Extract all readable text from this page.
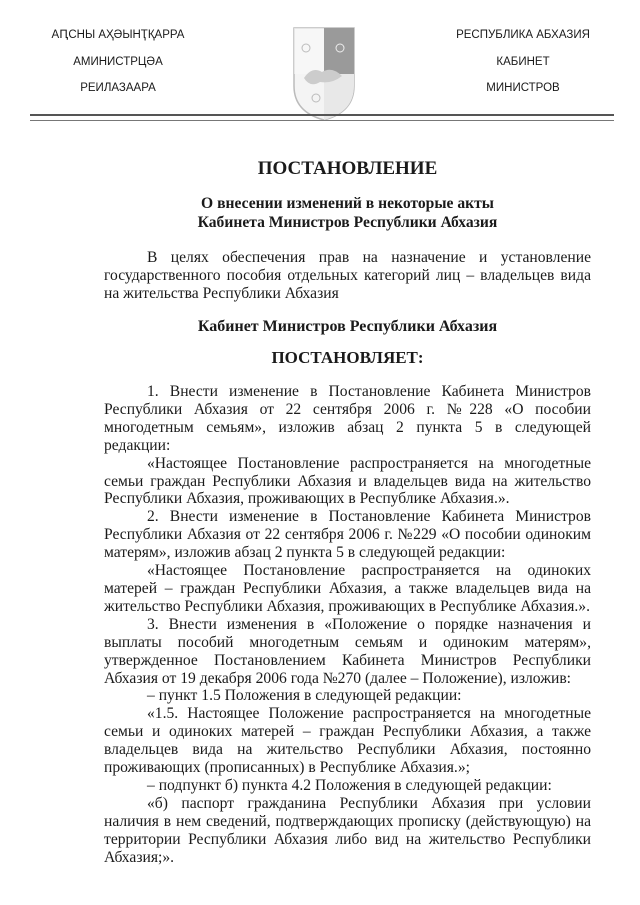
АԤСНЫ АҲӘЫНҬҚАРРА
АМИНИСТРЦӘА
РЕИЛАЗААРА
РЕСПУБЛИКА АБХАЗИЯ
КАБИНЕТ
МИНИСТРОВ
ПОСТАНОВЛЕНИЕ
О внесении изменений в некоторые акты
Кабинета Министров Республики Абхазия

В целях обеспечения прав на назначение и установление государственного пособия отдельных категорий лиц – владельцев вида на жительства Республики Абхазия

Кабинет Министров Республики Абхазия
ПОСТАНОВЛЯЕТ:

1. Внести изменение в Постановление Кабинета Министров Республики Абхазия от 22 сентября 2006 г. №228 «О пособии многодетным семьям», изложив абзац 2 пункта 5 в следующей редакции:

«Настоящее Постановление распространяется на многодетные семьи граждан Республики Абхазия и владельцев вида на жительство Республики Абхазия, проживающих в Республике Абхазия.».

2. Внести изменение в Постановление Кабинета Министров Республики Абхазия от 22 сентября 2006 г. №229 «О пособии одиноким матерям», изложив абзац 2 пункта 5 в следующей редакции:

«Настоящее Постановление распространяется на одиноких матерей – граждан Республики Абхазия, а также владельцев вида на жительство Республики Абхазия, проживающих в Республике Абхазия.».

3. Внести изменения в «Положение о порядке назначения и выплаты пособий многодетным семьям и одиноким матерям», утвержденное Постановлением Кабинета Министров Республики Абхазия от 19 декабря 2006 года №270 (далее – Положение), изложив:

– пункт 1.5 Положения в следующей редакции:

«1.5. Настоящее Положение распространяется на многодетные семьи и одиноких матерей – граждан Республики Абхазия, а также владельцев вида на жительство Республики Абхазия, постоянно проживающих (прописанных) в Республике Абхазия.»;

– подпункт б) пункта 4.2 Положения в следующей редакции:

«б) паспорт гражданина Республики Абхазия при условии наличия в нем сведений, подтверждающих прописку (действующую) на территории Республики Абхазия либо вид на жительство Республики Абхазия;».
